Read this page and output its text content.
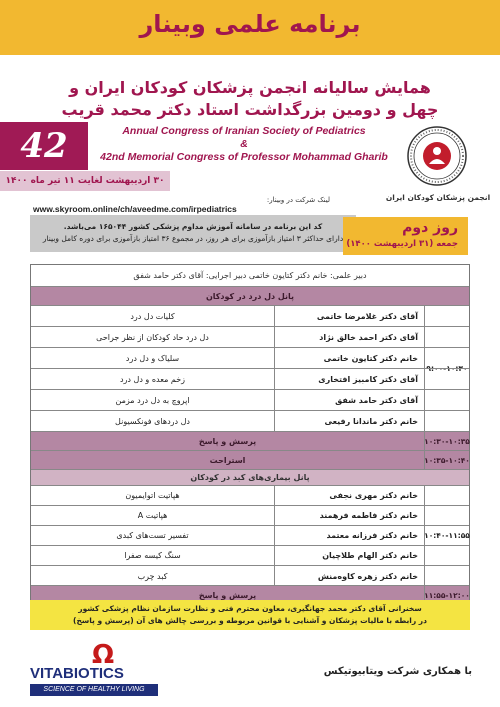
برنامه علمی وبینار
همایش سالیانه انجمن پزشکان کودکان ایران و
چهل و دومین بزرگداشت استاد دکتر محمد قریب
42	Annual Congress of Iranian Society of Pediatrics
&
42nd Memorial Congress of Professor Mohammad Gharib
۳۰ اردیبهشت لغایت ۱۱ تیر ماه ۱۴۰۰
انجمن پزشکان کودکان ایران
لینک شرکت در وبینار:
www.skyroom.online/ch/aveedme.com/irpediatrics
کد این برنامه در سامانه آموزش مداوم پزشکی کشور ۱۶۵۰۴۴ می‌باشد.
دارای حداکثر ۳ امتیاز بازآموزی برای هر روز، در مجموع ۳۶ امتیاز بازآموزی برای دوره کامل وبینار
روز دوم
جمعه (۳۱ اردیبهشت ۱۴۰۰)
دبیر علمی: خانم دکتر کتایون خاتمی دبیر اجرایی: آقای دکتر حامد شفق
پانل دل درد در کودکان
۹:۰۰-۱۰:۳۰
آقای دکتر غلامرضا خاتمی
کلیات دل درد
آقای دکتر احمد خالق نژاد
دل درد حاد کودکان از نظر جراحی
خانم دکتر کتایون خاتمی
سلیاک و دل درد
آقای دکتر کامبیز افتخاری
زخم معده و دل درد
آقای دکتر حامد شفق
اپروچ به دل درد مزمن
خانم دکتر ماندانا رفیعی
دل دردهای فونکسیونل
۱۰:۳۰-۱۰:۳۵
پرسش و پاسخ
۱۰:۳۵-۱۰:۴۰
استراحت
پانل بیماری‌های کبد در کودکان
۱۰:۴۰-۱۱:۵۵
خانم دکتر مهری نجفی
هپاتیت اتوایمیون
خانم دکتر فاطمه فرهمند
هپاتیت A
خانم دکتر فرزانه معتمد
تفسیر تست‌های کبدی
خانم دکتر الهام طلاچیان
سنگ کیسه صفرا
خانم دکتر زهره کاوه‌منش
کبد چرب
۱۱:۵۵-۱۲:۰۰
پرسش و پاسخ
سخنرانی آقای دکتر محمد جهانگیری، معاون محترم فنی و نظارت سازمان نظام پزشکی کشور
در رابطه با مالیات پزشکان و آشنایی با قوانین مربوطه و بررسی چالش های آن (پرسش و پاسخ)
Ω
VITABIOTICS
SCIENCE OF HEALTHY LIVING
با همکاری شرکت ویتابیوتیکس
